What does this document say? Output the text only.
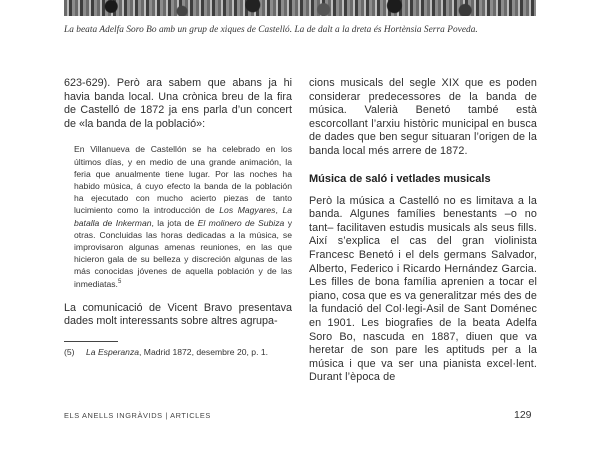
La beata Adelfa Soro Bo amb un grup de xiques de Castelló. La de dalt a la dreta és Hortènsia Serra Poveda.
623-629). Però ara sabem que abans ja hi havia banda local. Una crònica breu de la fira de Castelló de 1872 ja ens parla d’un concert de «la banda de la població»:
En Villanueva de Castellón se ha celebrado en los últimos días, y en medio de una grande animación, la feria que anualmente tiene lugar. Por las noches ha habido música, á cuyo efecto la banda de la población ha ejecutado con mucho acierto piezas de tanto lucimiento como la introducción de Los Magyares, La batalla de Inkerman, la jota de El molinero de Subiza y otras. Concluidas las horas dedicadas a la música, se improvisaron algunas amenas reuniones, en las que hicieron gala de su belleza y discreción algunas de las más conocidas jóvenes de aquella población y de las inmediatas.$^5$
La comunicació de Vicent Bravo presentava dades molt interessants sobre altres agrupa-
(5) La Esperanza, Madrid 1872, desembre 20, p. 1.
cions musicals del segle XIX que es poden considerar predecessores de la banda de música. Valerià Benetó també està escorcollant l’arxiu històric municipal en busca de dades que ben segur situaran l’origen de la banda local més arrere de 1872.
Música de saló i vetlades musicals
Però la música a Castelló no es limitava a la banda. Algunes famílies benestants –o no tant– facilitaven estudis musicals als seus fills. Així s’explica el cas del gran violinista Francesc Benetó i el dels germans Salvador, Alberto, Federico i Ricardo Hernández Garcia. Les filles de bona família aprenien a tocar el piano, cosa que es va generalitzar més des de la fundació del Col·legi-Asil de Sant Doménec en 1901. Les biografies de la beata Adelfa Soro Bo, nascuda en 1887, diuen que va heretar de son pare les aptituds per a la música i que va ser una pianista excel·lent. Durant l’època de
ELS ANELLS INGRÀVIDS | ARTICLES	129
